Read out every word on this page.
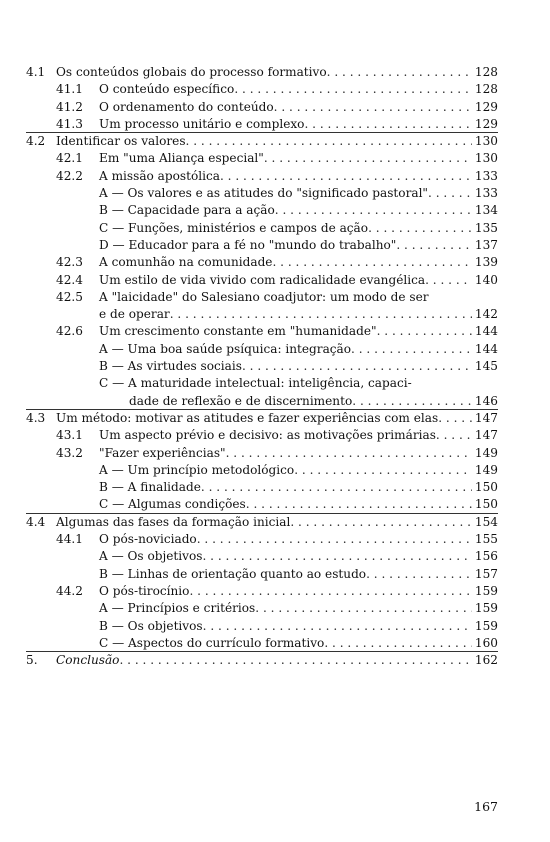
4.1 Os conteúdos globais do processo formativo . . .	128
41.1	O conteúdo específico . . .	128
41.2	O ordenamento do conteúdo . . .	129
41.3	Um processo unitário e complexo . . .	129
4.2 Identificar os valores . . .	130
42.1	Em "uma Aliança especial" . . .	130
42.2	A missão apostólica . . .	133
A — Os valores e as atitudes do "significado pastoral" . . .	133
B — Capacidade para a ação . . .	134
C — Funções, ministérios e campos de ação . . .	135
D — Educador para a fé no "mundo do trabalho" . . .	137
42.3	A comunhão na comunidade . . .	139
42.4	Um estilo de vida vivido com radicalidade evangélica . . .	140
42.5	A "laicidade" do Salesiano coadjutor: um modo de ser
e de operar . . .	142
42.6	Um crescimento constante em "humanidade" . . .	144
A — Uma boa saúde psíquica: integração . . .	144
B — As virtudes sociais . . .	145
C — A maturidade intelectual: inteligência, capaci-
dade de reflexão e de discernimento . . .	146
4.3 Um método: motivar as atitudes e fazer experiências com elas . . .	147
43.1	Um aspecto prévio e decisivo: as motivações primárias . . .	147
43.2	"Fazer experiências" . . .	149
A — Um princípio metodológico . . .	149
B — A finalidade . . .	150
C — Algumas condições . . .	150
4.4 Algumas das fases da formação inicial . . .	154
44.1	O pós-noviciado . . .	155
A — Os objetivos . . .	156
B — Linhas de orientação quanto ao estudo . . .	157
44.2	O pós-tirocínio . . .	159
A — Princípios e critérios . . .	159
B — Os objetivos . . .	159
C — Aspectos do currículo formativo . . .	160
5.	Conclusão . . .	162
167
